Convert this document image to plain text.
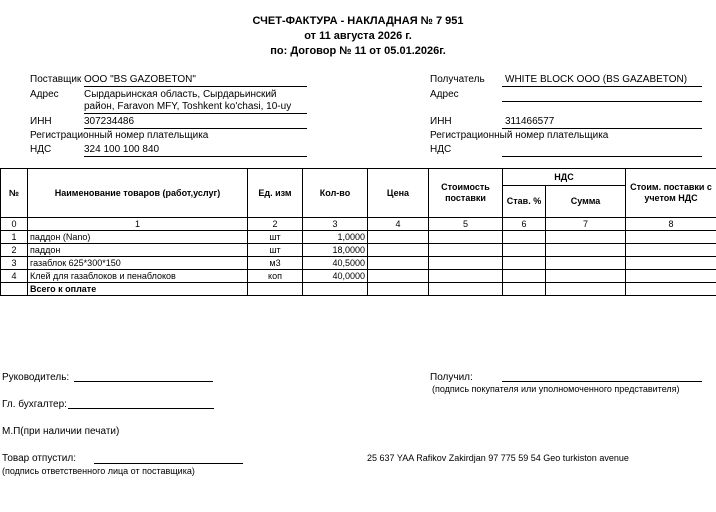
СЧЕТ-ФАКТУРА - НАКЛАДНАЯ № 7 951
от 11 августа 2026 г.
по: Договор № 11 от 05.01.2026г.
Поставщик ООО "BS GAZOBETON"
Адрес	Сырдарьинская область, Сырдарьинский
район, Faravon MFY, Toshkent ko'chasi, 10-uy
ИНН	307234486
Регистрационный номер плательщика
НДС	324 100 100 840
Получатель WHITE BLOCK OOO (BS GAZABETON)
Адрес
ИНН	311466577
Регистрационный номер плательщика
НДС
№	Наименование товаров (работ,услуг)	Ед. изм	Кол-во	Цена	Стоимость поставки	НДС		Стоим. поставки с учетом НДС
						Став. %	Сумма	
0	1	2	3	4	5	6	7	8
1	паддон (Nano)	шт	1,0000					
2	паддон	шт	18,0000					
3	газаблок 625*300*150	м3	40,5000					
4	Клей для газаблоков и пенаблоков	коп	40,0000					
	Всего к оплате							
Руководитель:
Гл. бухгалтер:
М.П(при наличии печати)
Товар отпустил:
(подпись ответственного лица от поставщика)
Получил:
(подпись покупателя или уполномоченного представителя)
25 637 YAA Rafikov Zakirdjan 97 775 59 54 Geo turkiston avenue
